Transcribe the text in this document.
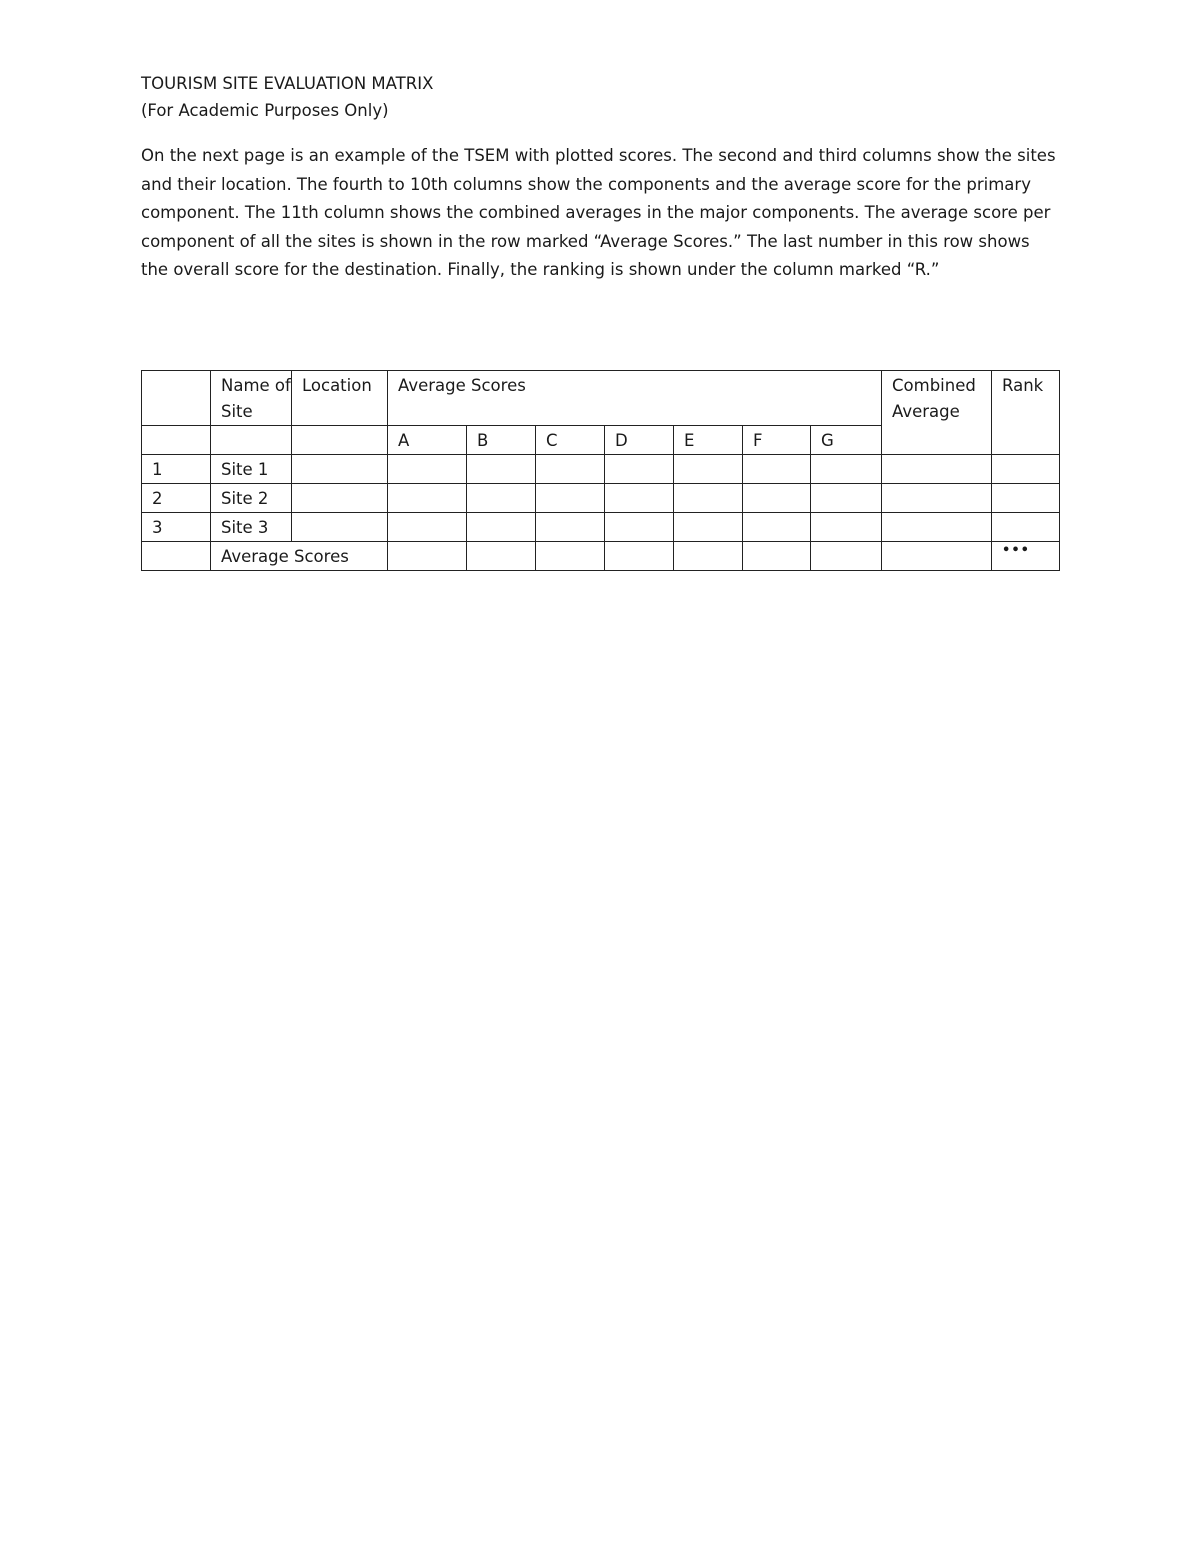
TOURISM SITE EVALUATION MATRIX

(For Academic Purposes Only)

On the next page is an example of the TSEM with plotted scores. The second and third columns show the sites and their location. The fourth to 10th columns show the components and the average score for the primary component. The 11th column shows the combined averages in the major components. The average score per component of all the sites is shown in the row marked “Average Scores.” The last number in this row shows the overall score for the destination. Finally, the ranking is shown under the column marked “R.”

	Name of Site	Location	Average Scores							Combined Average	Rank
			A	B	C	D	E	F	G		
1	Site 1										
2	Site 2										
3	Site 3										
	Average Scores										•••
